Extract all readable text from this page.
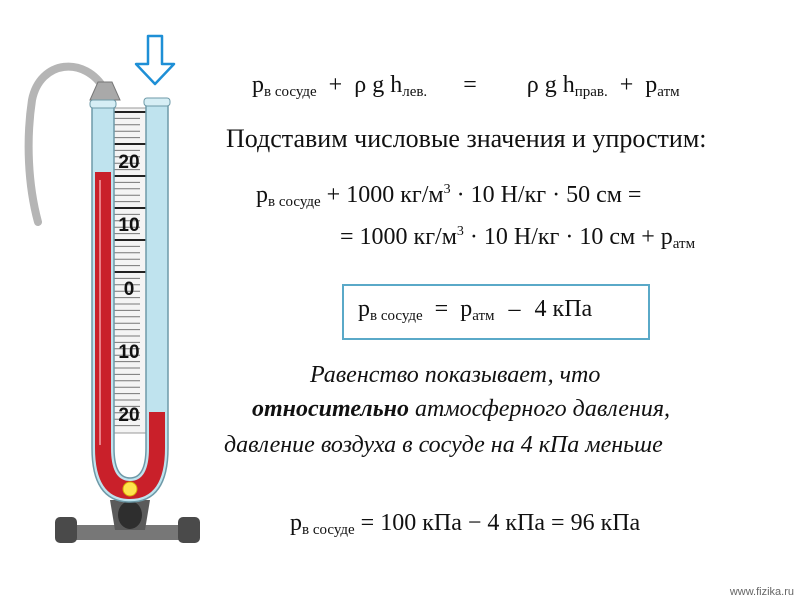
20
10
0
10
20
pв сосуде + ρ g hлев. = ρ g hправ. + pатм
Подставим числовые значения и упростим:
pв сосуде + 1000 $кг/м^3 \cdot 10$ Н/кг · 50 см =
= 1000 $кг/м^3 \cdot 10$ Н/кг · 10 см + pатм
pв сосуде = pатм – 4 кПа
Равенство показывает, что
относительно атмосферного давления,
давление воздуха в сосуде на 4 кПа меньше
pв сосуде = 100 кПа − 4 кПа = 96 кПа
www.fizika.ru
